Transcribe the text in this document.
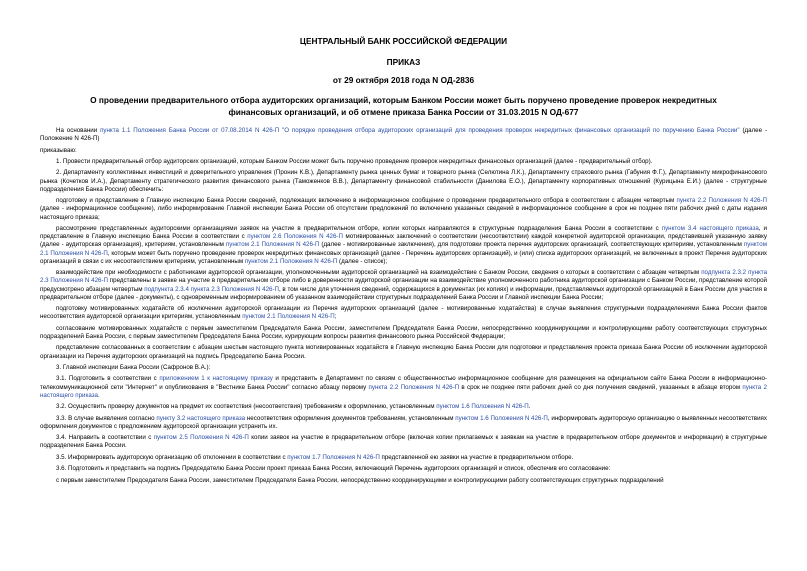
ЦЕНТРАЛЬНЫЙ БАНК РОССИЙСКОЙ ФЕДЕРАЦИИ
ПРИКАЗ
от 29 октября 2018 года N ОД-2836
О проведении предварительного отбора аудиторских организаций, которым Банком России может быть поручено проведение проверок некредитных
финансовых организаций, и об отмене приказа Банка России от 31.03.2015 N ОД-677

На основании пункта 1.1 Положения Банка России от 07.08.2014 N 426-П "О порядке проведения отбора аудиторских организаций для проведения проверок некредитных финансовых организаций по поручению Банка России" (далее - Положение N 426-П)

приказываю:

1. Провести предварительный отбор аудиторских организаций, которым Банком России может быть поручено проведение проверок некредитных финансовых организаций (далее - предварительный отбор).

2. Департаменту коллективных инвестиций и доверительного управления (Пронин К.В.), Департаменту рынка ценных бумаг и товарного рынка (Селютина Л.К.), Департаменту страхового рынка (Габуния Ф.Г.), Департаменту микрофинансового рынка (Кочетков И.А.), Департаменту стратегического развития финансового рынка (Таможенков В.В.), Департаменту финансовой стабильности (Данилова Е.О.), Департаменту корпоративных отношений (Курицына Е.И.) (далее - структурные подразделения Банка России) обеспечить:

подготовку и представление в Главную инспекцию Банка России сведений, подлежащих включению в информационное сообщение о проведении предварительного отбора в соответствии с абзацем четвертым пункта 2.2 Положения N 426-П (далее - информационное сообщение), либо информирование Главной инспекции Банка России об отсутствии предложений по включению указанных сведений в информационное сообщение в срок не позднее пяти рабочих дней с даты издания настоящего приказа;

рассмотрение представленных аудиторскими организациями заявок на участие в предварительном отборе, копии которых направляются в структурные подразделения Банка России в соответствии с пунктом 3.4 настоящего приказа, и представление в Главную инспекцию Банка России в соответствии с пунктом 2.6 Положения N 426-П мотивированных заключений о соответствии (несоответствии) каждой конкретной аудиторской организации, представившей указанную заявку (далее - аудиторская организация), критериям, установленным пунктом 2.1 Положения N 426-П (далее - мотивированные заключения), для подготовки проекта перечня аудиторских организаций, соответствующих критериям, установленным пунктом 2.1 Положения N 426-П, которым может быть поручено проведение проверок некредитных финансовых организаций (далее - Перечень аудиторских организаций), и (или) списка аудиторских организаций, не включенных в проект Перечня аудиторских организаций в связи с их несоответствием критериям, установленным пунктом 2.1 Положения N 426-П (далее - список);

взаимодействие при необходимости с работниками аудиторской организации, уполномоченными аудиторской организацией на взаимодействие с Банком России, сведения о которых в соответствии с абзацем четвертым подпункта 2.3.2 пункта 2.3 Положения N 426-П представлены в заявке на участие в предварительном отборе либо в доверенности аудиторской организации на взаимодействие уполномоченного работника аудиторской организации с Банком России, представление которой предусмотрено абзацем четвертым подпункта 2.3.4 пункта 2.3 Положения N 426-П, в том числе для уточнения сведений, содержащихся в документах (их копиях) и информации, представляемых аудиторской организацией в Банк России для участия в предварительном отборе (далее - документы), с одновременным информированием об указанном взаимодействии структурных подразделений Банка России и Главной инспекции Банка России;

подготовку мотивированных ходатайств об исключении аудиторской организации из Перечня аудиторских организаций (далее - мотивированные ходатайства) в случае выявления структурными подразделениями Банка России фактов несоответствия аудиторской организации критериям, установленным пунктом 2.1 Положения N 426-П;

согласование мотивированных ходатайств с первым заместителем Председателя Банка России, заместителем Председателя Банка России, непосредственно координирующими и контролирующими работу соответствующих структурных подразделений Банка России, с первым заместителем Председателя Банка России, курирующим вопросы развития финансового рынка Российской Федерации;

представление согласованных в соответствии с абзацем шестым настоящего пункта мотивированных ходатайств в Главную инспекцию Банка России для подготовки и представления проекта приказа Банка России об исключении аудиторской организации из Перечня аудиторских организаций на подпись Председателю Банка России.

3. Главной инспекции Банка России (Сафронов В.А.):

3.1. Подготовить в соответствии с приложением 1 к настоящему приказу и представить в Департамент по связям с общественностью информационное сообщение для размещения на официальном сайте Банка России в информационно-телекоммуникационной сети "Интернет" и опубликования в "Вестнике Банка России" согласно абзацу первому пункта 2.2 Положения N 426-П в срок не позднее пяти рабочих дней со дня получения сведений, указанных в абзаце втором пункта 2 настоящего приказа.

3.2. Осуществить проверку документов на предмет их соответствия (несоответствия) требованиям к оформлению, установленным пунктом 1.6 Положения N 426-П.

3.3. В случае выявления согласно пункту 3.2 настоящего приказа несоответствия оформления документов требованиям, установленным пунктом 1.6 Положения N 426-П, информировать аудиторскую организацию о выявленных несоответствиях оформления документов с предложением аудиторской организации устранить их.

3.4. Направить в соответствии с пунктом 2.5 Положения N 426-П копии заявок на участие в предварительном отборе (включая копии прилагаемых к заявкам на участие в предварительном отборе документов и информации) в структурные подразделения Банка России.

3.5. Информировать аудиторскую организацию об отклонении в соответствии с пунктом 1.7 Положения N 426-П представленной ею заявки на участие в предварительном отборе.

3.6. Подготовить и представить на подпись Председателю Банка России проект приказа Банка России, включающий Перечень аудиторских организаций и список, обеспечив его согласование:

с первым заместителем Председателя Банка России, заместителем Председателя Банка России, непосредственно координирующими и контролирующими работу соответствующих структурных подразделений
